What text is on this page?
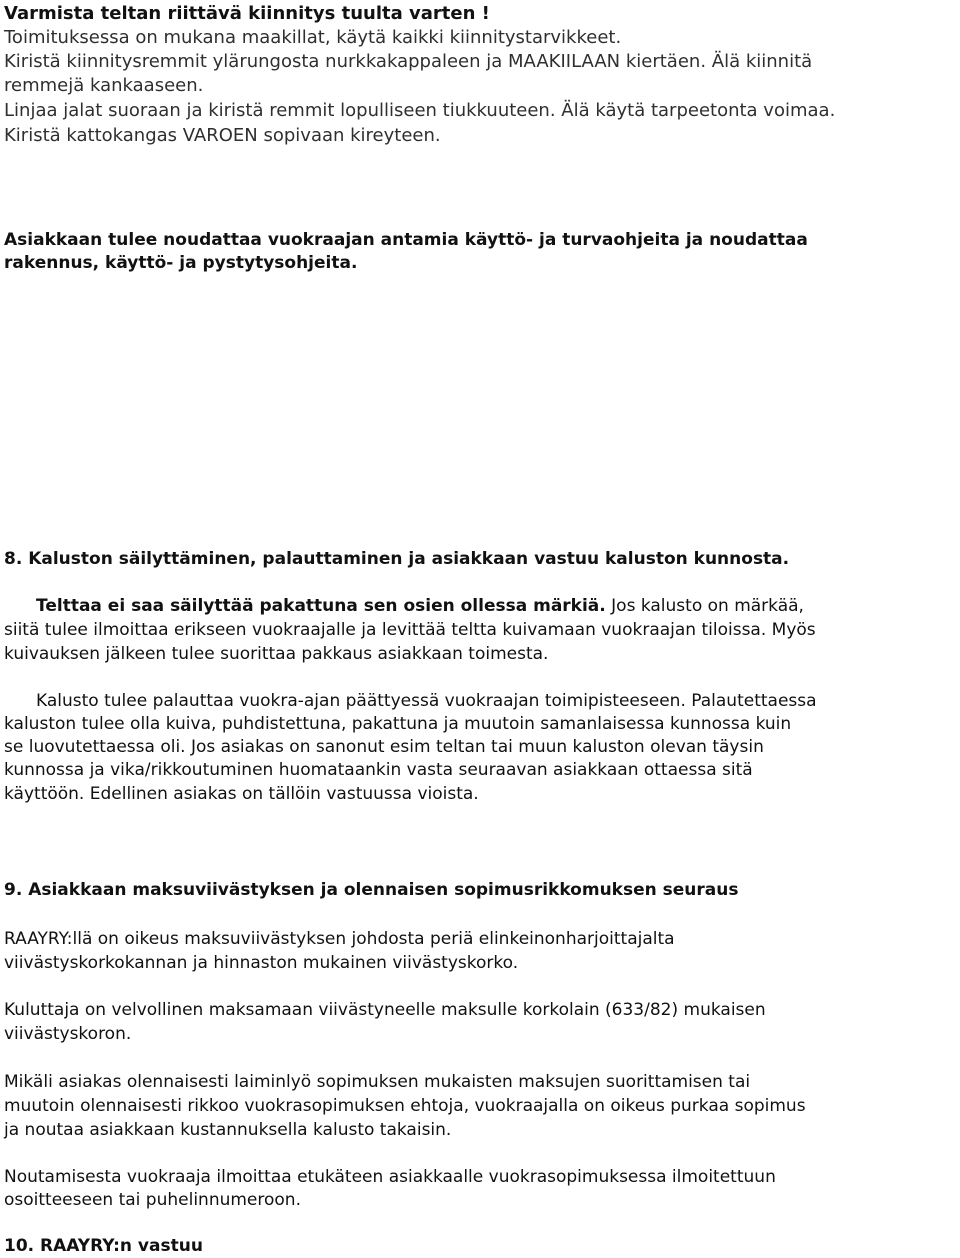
Varmista teltan riittävä kiinnitys tuulta varten !
Toimituksessa on mukana maakillat, käytä kaikki kiinnitystarvikkeet.
Kiristä kiinnitysremmit ylärungosta nurkkakappaleen ja MAAKIILAAN kiertäen. Älä kiinnitä
remmejä kankaaseen.
Linjaa jalat suoraan ja kiristä remmit lopulliseen tiukkuuteen. Älä käytä tarpeetonta voimaa.
Kiristä kattokangas VAROEN sopivaan kireyteen.
Asiakkaan tulee noudattaa vuokraajan antamia käyttö- ja turvaohjeita ja noudattaa
rakennus, käyttö- ja pystytysohjeita.
8. Kaluston säilyttäminen, palauttaminen ja asiakkaan vastuu kaluston kunnosta.
Telttaa ei saa säilyttää pakattuna sen osien ollessa märkiä. Jos kalusto on märkää,
siitä tulee ilmoittaa erikseen vuokraajalle ja levittää teltta kuivamaan vuokraajan tiloissa. Myös
kuivauksen jälkeen tulee suorittaa pakkaus asiakkaan toimesta.
Kalusto tulee palauttaa vuokra-ajan päättyessä vuokraajan toimipisteeseen. Palautettaessa
kaluston tulee olla kuiva, puhdistettuna, pakattuna ja muutoin samanlaisessa kunnossa kuin
se luovutettaessa oli. Jos asiakas on sanonut esim teltan tai muun kaluston olevan täysin
kunnossa ja vika/rikkoutuminen huomataankin vasta seuraavan asiakkaan ottaessa sitä
käyttöön. Edellinen asiakas on tällöin vastuussa vioista.
9. Asiakkaan maksuviivästyksen ja olennaisen sopimusrikkomuksen seuraus
RAAYRY:llä on oikeus maksuviivästyksen johdosta periä elinkeinonharjoittajalta
viivästyskorkokannan ja hinnaston mukainen viivästyskorko.
Kuluttaja on velvollinen maksamaan viivästyneelle maksulle korkolain (633/82) mukaisen
viivästyskoron.
Mikäli asiakas olennaisesti laiminlyö sopimuksen mukaisten maksujen suorittamisen tai
muutoin olennaisesti rikkoo vuokrasopimuksen ehtoja, vuokraajalla on oikeus purkaa sopimus
ja noutaa asiakkaan kustannuksella kalusto takaisin.
Noutamisesta vuokraaja ilmoittaa etukäteen asiakkaalle vuokrasopimuksessa ilmoitettuun
osoitteeseen tai puhelinnumeroon.
10. RAAYRY:n vastuu
